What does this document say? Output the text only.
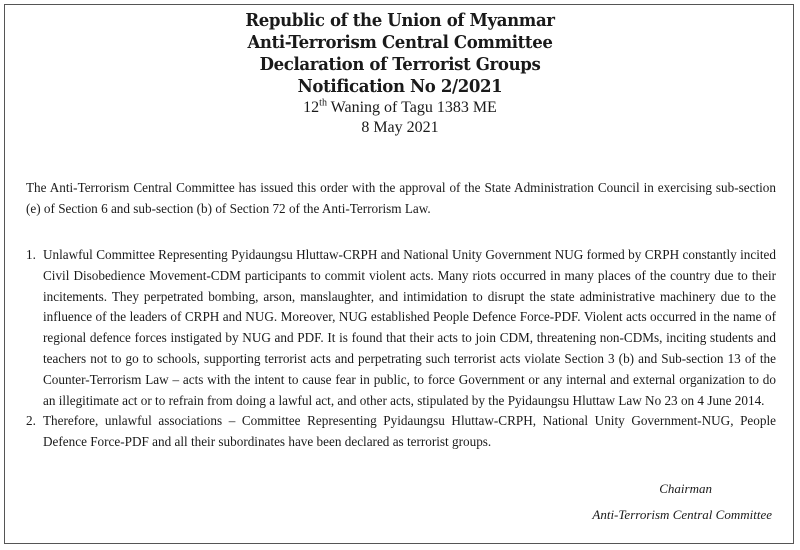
Republic of the Union of Myanmar
Anti-Terrorism Central Committee
Declaration of Terrorist Groups
Notification No 2/2021
12th Waning of Tagu 1383 ME
8 May 2021

The Anti-Terrorism Central Committee has issued this order with the approval of the State Administration Council in exercising sub-section (e) of Section 6 and sub-section (b) of Section 72 of the Anti-Terrorism Law.

1. Unlawful Committee Representing Pyidaungsu Hluttaw-CRPH and National Unity Government NUG formed by CRPH constantly incited Civil Disobedience Movement-CDM participants to commit violent acts. Many riots occurred in many places of the country due to their incitements. They perpetrated bombing, arson, manslaughter, and intimidation to disrupt the state administrative machinery due to the influence of the leaders of CRPH and NUG. Moreover, NUG established People Defence Force-PDF. Violent acts occurred in the name of regional defence forces instigated by NUG and PDF. It is found that their acts to join CDM, threatening non-CDMs, inciting students and teachers not to go to schools, supporting terrorist acts and perpetrating such terrorist acts violate Section 3 (b) and Sub-section 13 of the Counter-Terrorism Law – acts with the intent to cause fear in public, to force Government or any internal and external organization to do an illegitimate act or to refrain from doing a lawful act, and other acts, stipulated by the Pyidaungsu Hluttaw Law No 23 on 4 June 2014.
2. Therefore, unlawful associations – Committee Representing Pyidaungsu Hluttaw-CRPH, National Unity Government-NUG, People Defence Force-PDF and all their subordinates have been declared as terrorist groups.
Chairman
Anti-Terrorism Central Committee
